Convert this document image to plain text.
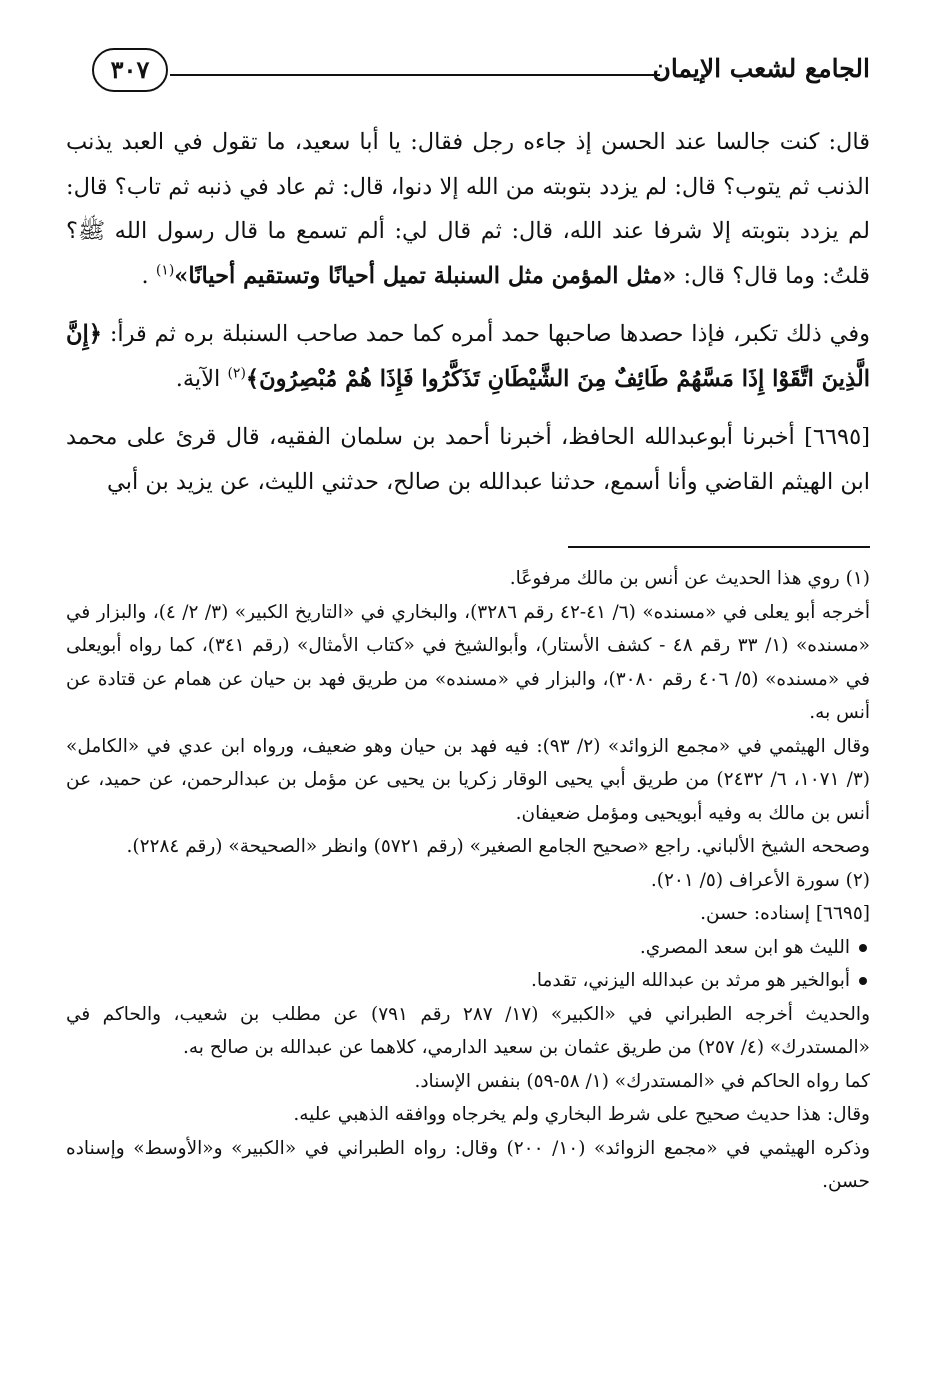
الجامع لشعب الإيمان
٣٠٧

قال: كنت جالسا عند الحسن إذ جاءه رجل فقال: يا أبا سعيد، ما تقول في العبد يذنب الذنب ثم يتوب؟ قال: لم يزدد بتوبته من الله إلا دنوا، قال: ثم عاد في ذنبه ثم تاب؟ قال: لم يزدد بتوبته إلا شرفا عند الله، قال: ثم قال لي: ألم تسمع ما قال رسول الله ﷺ؟ قلتُ: وما قال؟ قال: «مثل المؤمن مثل السنبلة تميل أحيانًا وتستقيم أحيانًا»$^{(١)}$ .

وفي ذلك تكبر، فإذا حصدها صاحبها حمد أمره كما حمد صاحب السنبلة بره ثم قرأ: ﴿إِنَّ الَّذِينَ اتَّقَوْا إِذَا مَسَّهُمْ طَائِفٌ مِنَ الشَّيْطَانِ تَذَكَّرُوا فَإِذَا هُمْ مُبْصِرُونَ﴾$^{(٢)}$ الآية.

[٦٦٩٥] أخبرنا أبوعبدالله الحافظ، أخبرنا أحمد بن سلمان الفقيه، قال قرئ على محمد ابن الهيثم القاضي وأنا أسمع، حدثنا عبدالله بن صالح، حدثني الليث، عن يزيد بن أبي

(١) روي هذا الحديث عن أنس بن مالك مرفوعًا.

أخرجه أبو يعلى في «مسنده» (٦/ ٤١-٤٢ رقم ٣٢٨٦)، والبخاري في «التاريخ الكبير» (٣/ ٢/ ٤)، والبزار في «مسنده» (١/ ٣٣ رقم ٤٨ - كشف الأستار)، وأبوالشيخ في «كتاب الأمثال» (رقم ٣٤١)، كما رواه أبويعلى في «مسنده» (٥/ ٤٠٦ رقم ٣٠٨٠)، والبزار في «مسنده» من طريق فهد بن حيان عن همام عن قتادة عن أنس به.

وقال الهيثمي في «مجمع الزوائد» (٢/ ٩٣): فيه فهد بن حيان وهو ضعيف، ورواه ابن عدي في «الكامل» (٣/ ١٠٧١، ٦/ ٢٤٣٢) من طريق أبي يحيى الوقار زكريا بن يحيى عن مؤمل بن عبدالرحمن، عن حميد، عن أنس بن مالك به وفيه أبويحيى ومؤمل ضعيفان.

وصححه الشيخ الألباني. راجع «صحيح الجامع الصغير» (رقم ٥٧٢١) وانظر «الصحيحة» (رقم ٢٢٨٤).

(٢) سورة الأعراف (٥/ ٢٠١).

[٦٦٩٥] إسناده: حسن.

الليث هو ابن سعد المصري.
أبوالخير هو مرثد بن عبدالله اليزني، تقدما.

والحديث أخرجه الطبراني في «الكبير» (١٧/ ٢٨٧ رقم ٧٩١) عن مطلب بن شعيب، والحاكم في «المستدرك» (٤/ ٢٥٧) من طريق عثمان بن سعيد الدارمي، كلاهما عن عبدالله بن صالح به.

كما رواه الحاكم في «المستدرك» (١/ ٥٨-٥٩) بنفس الإسناد.

وقال: هذا حديث صحيح على شرط البخاري ولم يخرجاه ووافقه الذهبي عليه.

وذكره الهيثمي في «مجمع الزوائد» (١٠/ ٢٠٠) وقال: رواه الطبراني في «الكبير» و«الأوسط» وإسناده حسن.
